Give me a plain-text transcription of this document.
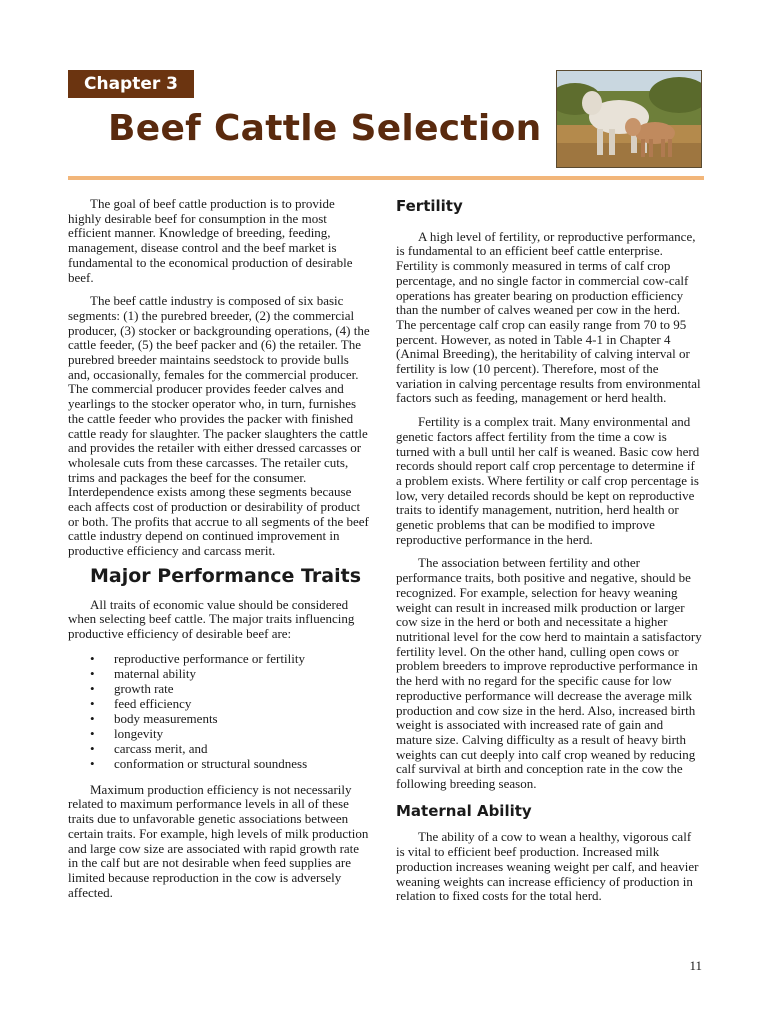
Chapter 3
Beef Cattle Selection

The goal of beef cattle production is to provide highly desirable beef for consumption in the most efficient manner. Knowledge of breeding, feeding, management, disease control and the beef market is fundamental to the economical production of desirable beef.

The beef cattle industry is composed of six basic segments: (1) the purebred breeder, (2) the commercial producer, (3) stocker or backgrounding operations, (4) the cattle feeder, (5) the beef packer and (6) the retailer. The purebred breeder maintains seedstock to provide bulls and, occasionally, females for the commercial producer. The commercial producer provides feeder calves and yearlings to the stocker operator who, in turn, furnishes the cattle feeder who provides the packer with finished cattle ready for slaughter. The packer slaughters the cattle and provides the retailer with either dressed carcasses or wholesale cuts from these carcasses. The retailer cuts, trims and packages the beef for the consumer. Interdependence exists among these segments because each affects cost of production or desirability of product or both. The profits that accrue to all segments of the beef cattle industry depend on continued improvement in productive efficiency and carcass merit.

Major Performance Traits

All traits of economic value should be considered when selecting beef cattle. The major traits influencing productive efficiency of desirable beef are:

• reproductive performance or fertility
• maternal ability
• growth rate
• feed efficiency
• body measurements
• longevity
• carcass merit, and
• conformation or structural soundness

Maximum production efficiency is not necessarily related to maximum performance levels in all of these traits due to unfavorable genetic associations between certain traits. For example, high levels of milk production and large cow size are associated with rapid growth rate in the calf but are not desirable when feed supplies are limited because reproduction in the cow is adversely affected.

Fertility

A high level of fertility, or reproductive performance, is fundamental to an efficient beef cattle enterprise. Fertility is commonly measured in terms of calf crop percentage, and no single factor in commercial cow-calf operations has greater bearing on production efficiency than the number of calves weaned per cow in the herd. The percentage calf crop can easily range from 70 to 95 percent. However, as noted in Table 4-1 in Chapter 4 (Animal Breeding), the heritability of calving interval or fertility is low (10 percent). Therefore, most of the variation in calving percentage results from environmental factors such as feeding, management or herd health.

Fertility is a complex trait. Many environmental and genetic factors affect fertility from the time a cow is turned with a bull until her calf is weaned. Basic cow herd records should report calf crop percentage to determine if a problem exists. Where fertility or calf crop percentage is low, very detailed records should be kept on reproductive traits to identify management, nutrition, herd health or genetic problems that can be modified to improve reproductive performance in the herd.

The association between fertility and other performance traits, both positive and negative, should be recognized. For example, selection for heavy weaning weight can result in increased milk production or larger cow size in the herd or both and necessitate a higher nutritional level for the cow herd to maintain a satisfactory fertility level. On the other hand, culling open cows or problem breeders to improve reproductive performance in the herd with no regard for the specific cause for low reproductive performance will decrease the average milk production and cow size in the herd. Also, increased birth weight is associated with increased rate of gain and mature size. Calving difficulty as a result of heavy birth weights can cut deeply into calf crop weaned by reducing calf survival at birth and conception rate in the cow the following breeding season.

Maternal Ability

The ability of a cow to wean a healthy, vigorous calf is vital to efficient beef production. Increased milk production increases weaning weight per calf, and heavier weaning weights can increase efficiency of production in relation to fixed costs for the total herd.

11
